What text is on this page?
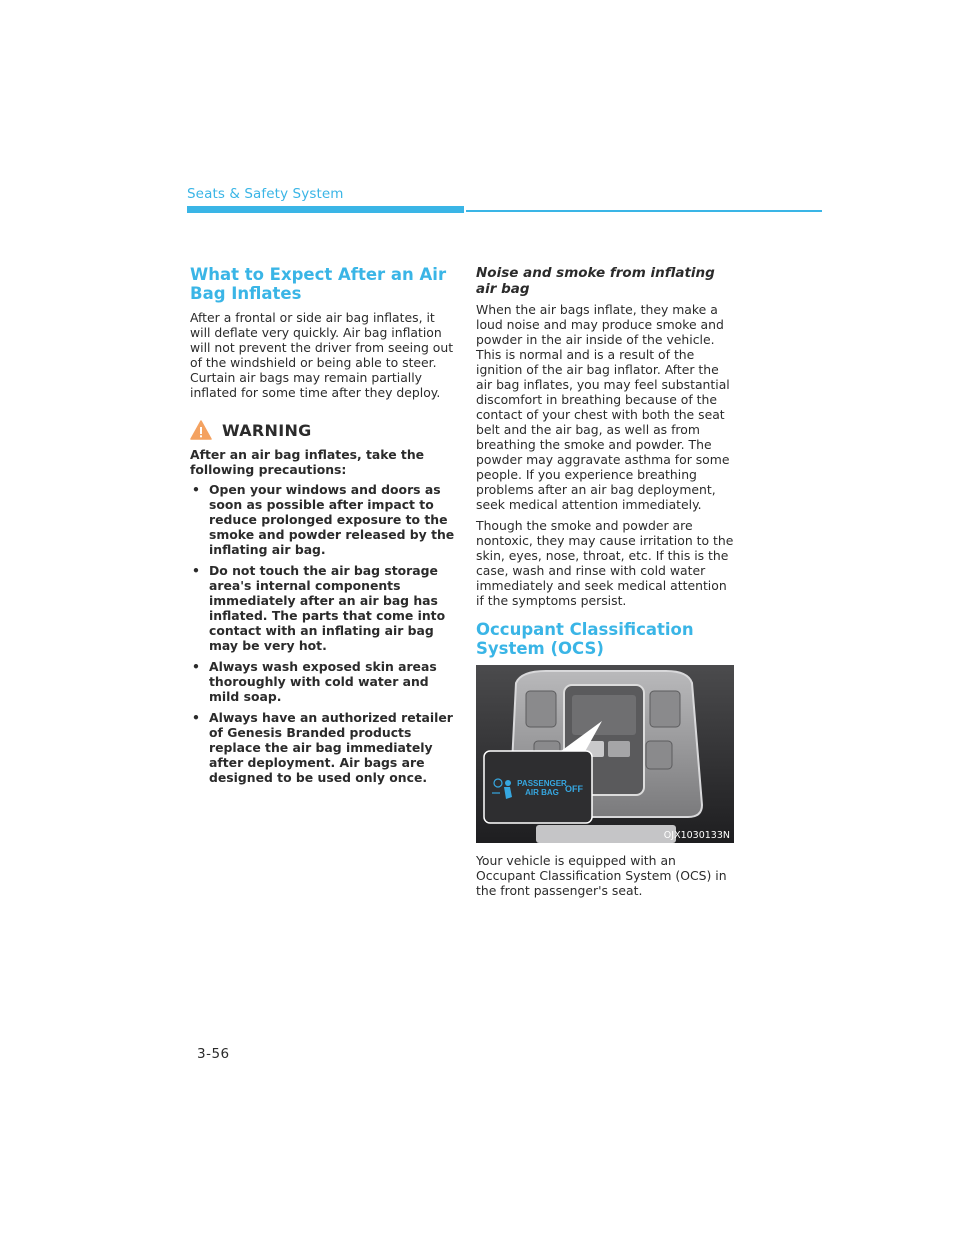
Seats & Safety System
What to Expect After an Air Bag Inflates

After a frontal or side air bag inflates, it will deflate very quickly. Air bag inflation will not prevent the driver from seeing out of the windshield or being able to steer. Curtain air bags may remain partially inflated for some time after they deploy.

WARNING

After an air bag inflates, take the following precautions:

• Open your windows and doors as soon as possible after impact to reduce prolonged exposure to the smoke and powder released by the inflating air bag.
• Do not touch the air bag storage area's internal components immediately after an air bag has inflated. The parts that come into contact with an inflating air bag may be very hot.
• Always wash exposed skin areas thoroughly with cold water and mild soap.
• Always have an authorized retailer of Genesis Branded products replace the air bag immediately after deployment. Air bags are designed to be used only once.
Noise and smoke from inflating air bag

When the air bags inflate, they make a loud noise and may produce smoke and powder in the air inside of the vehicle. This is normal and is a result of the ignition of the air bag inflator. After the air bag inflates, you may feel substantial discomfort in breathing because of the contact of your chest with both the seat belt and the air bag, as well as from breathing the smoke and powder. The powder may aggravate asthma for some people. If you experience breathing problems after an air bag deployment, seek medical attention immediately.

Though the smoke and powder are nontoxic, they may cause irritation to the skin, eyes, nose, throat, etc. If this is the case, wash and rinse with cold water immediately and seek medical attention if the symptoms persist.

Occupant Classification System (OCS)
PASSENGER
AIR BAG OFF
OJX1030133N

Your vehicle is equipped with an Occupant Classification System (OCS) in the front passenger's seat.

3-56
